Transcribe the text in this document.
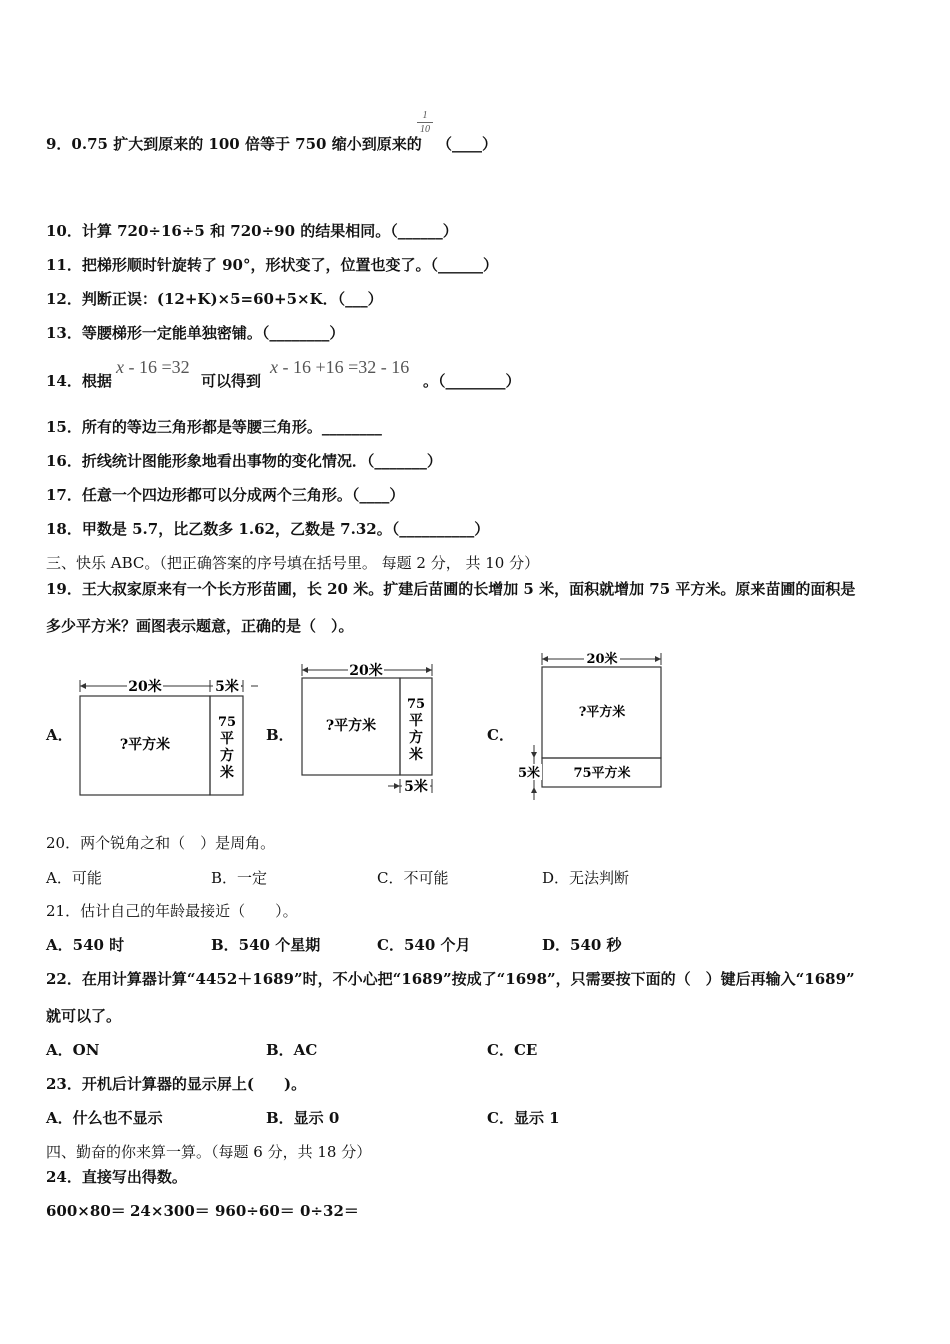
9．0.75 扩大到原来的 100 倍等于 750 缩小到原来的
1
10
（____）
10．计算 720÷16÷5 和 720÷90 的结果相同。（______）
11．把梯形顺时针旋转了 90°，形状变了，位置也变了。（______）
12．判断正误：(12+K)×5=60+5×K．（___）
13．等腰梯形一定能单独密铺。（________）
14．根据
x - 16 =32
可以得到
x - 16 +16 =32 - 16
。（________）
15．所有的等边三角形都是等腰三角形。________
16．折线统计图能形象地看出事物的变化情况．（_______）
17．任意一个四边形都可以分成两个三角形。（____）
18．甲数是 5.7，比乙数多 1.62，乙数是 7.32。（__________）
三、快乐 ABC。（把正确答案的序号填在括号里。 每题 2 分， 共 10 分）
19．王大叔家原来有一个长方形苗圃，长 20 米。扩建后苗圃的长增加 5 米，面积就增加 75 平方米。原来苗圃的面积是
多少平方米？画图表示题意，正确的是（　）。
A．	B．	C．
20米	5米
?平方米
75
平
方
米
20米
?平方米
75
平
方
米
5米
20米
?平方米
75平方米
5米
20．两个锐角之和（　）是周角。
A．可能	B．一定	C．不可能	D．无法判断
21．估计自己的年龄最接近（　　）。
A．540 时	B．540 个星期	C．540 个月	D．540 秒
22．在用计算器计算“4452＋1689”时，不小心把“1689”按成了“1698”，只需要按下面的（　）键后再输入“1689”
就可以了。
A．ON	B．AC	C．CE
23．开机后计算器的显示屏上(　　)。
A．什么也不显示	B．显示 0	C．显示 1
四、勤奋的你来算一算。（每题 6 分，共 18 分）
24．直接写出得数。
600×80＝ 24×300＝ 960÷60＝ 0÷32＝
